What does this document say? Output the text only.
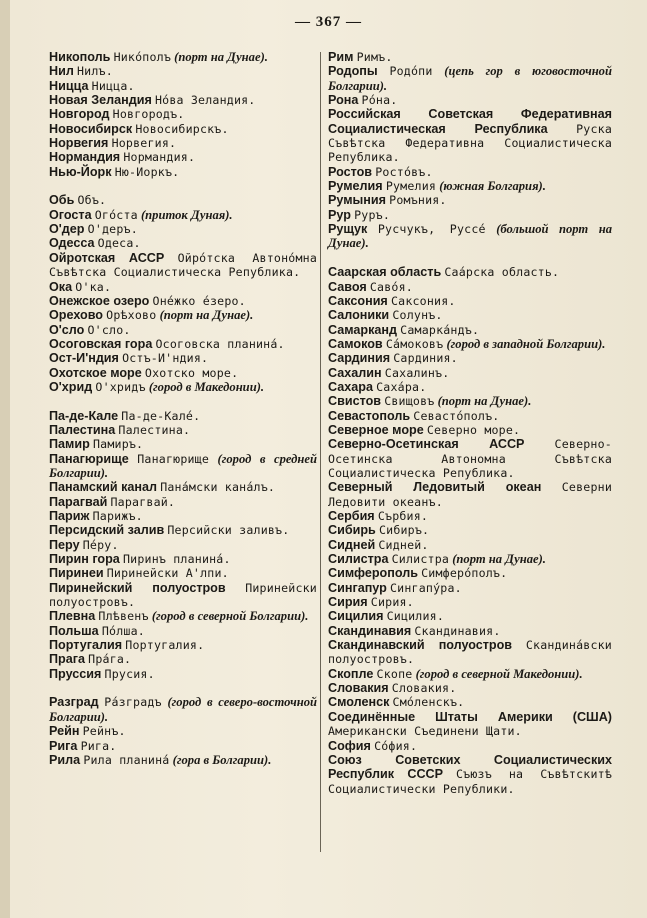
— 367 —

Никополь Никóполъ (порт на Дунае).

Нил Нилъ.

Ницца Ницца.

Новая Зеландия Нóва Зеландия.

Новгород Новгородъ.

Новосибирск Новосибирскъ.

Норвегия Норвегия.

Нормандия Нормандия.

Нью-Йорк Ню-Иоркъ.

Обь Объ.

Огоста Огóста (приток Дуная).

О'дер О'деръ.

Одесса Одеса.

Ойротская АССР Ойрóтска Автонóмна Съвѣтска Социалистическа Република.

Ока О'ка.

Онежское озеро Онéжко éзеро.

Орехово Орѣхово (порт на Дунае).

О'сло О'сло.

Осоговская гора Осоговска планинá.

Ост-И'ндия Остъ-И'ндия.

Охотское море Охотско море.

О'хрид О'хридъ (город в Македонии).

Па-де-Кале Па-де-Калé.

Палестина Палестина.

Памир Памиръ.

Панагюрище Панагюрище (город в средней Болгарии).

Панамский канал Панáмски канáлъ.

Парагвай Парагвай.

Париж Парижъ.

Персидский залив Персийски заливъ.

Перу Пéру.

Пирин гора Пиринъ планинá.

Пиринеи Пиринейски А'лпи.

Пиринейский полуостров Пиринейски полуостровъ.

Плевна Плѣвенъ (город в северной Болгарии).

Польша Пóлша.

Португалия Португалия.

Прага Прáга.

Пруссия Прусия.

Разград Рáзградъ (город в северо-восточной Болгарии).

Рейн Рейнъ.

Рига Рига.

Рила Рила планинá (гора в Болгарии).

Рим Римъ.

Родопы Родóпи (цепь гор в юговосточной Болгарии).

Рона Рóна.

Российская Советская Федеративная Социалистическая Республика Руска Съвѣтска Федеративна Социалистическа Република.

Ростов Ростóвъ.

Румелия Румелия (южная Болгария).

Румыния Ромъния.

Рур Руръ.

Рущук Русчукъ, Руссé (большой порт на Дунае).

Саарская область Саáрска область.

Савоя Савóя.

Саксония Саксония.

Салоники Солунъ.

Самарканд Самаркáндъ.

Самоков Сáмоковъ (город в западной Болгарии).

Сардиния Сардиния.

Сахалин Сахалинъ.

Сахара Сахáра.

Свистов Свищовъ (порт на Дунае).

Севастополь Севастóполъ.

Северное море Северно море.

Северно-Осетинская АССР	Северно-Осетинска Автономна Съвѣтска Социалистическа Република.

Северный Ледовитый океан Северни Ледовити океанъ.

Сербия Сърбия.

Сибирь Сибиръ.

Сидней Сидней.

Силистра Силистра (порт на Дунае).

Симферополь Симферóполъ.

Сингапур Сингапýра.

Сирия Сирия.

Сицилия Сицилия.

Скандинавия Скандинавия.

Скандинавский полуостров Скандинáвски полуостровъ.

Скопле Скопе (город в северной Македонии).

Словакия Словакия.

Смоленск Смóленскъ.

Соединённые Штаты Америки (США) Американски Съединени Щати.

София Сóфия.

Союз Советских Социалистических Республик СССР Съюзъ на Съвѣтскитѣ Социалистически Републики.
